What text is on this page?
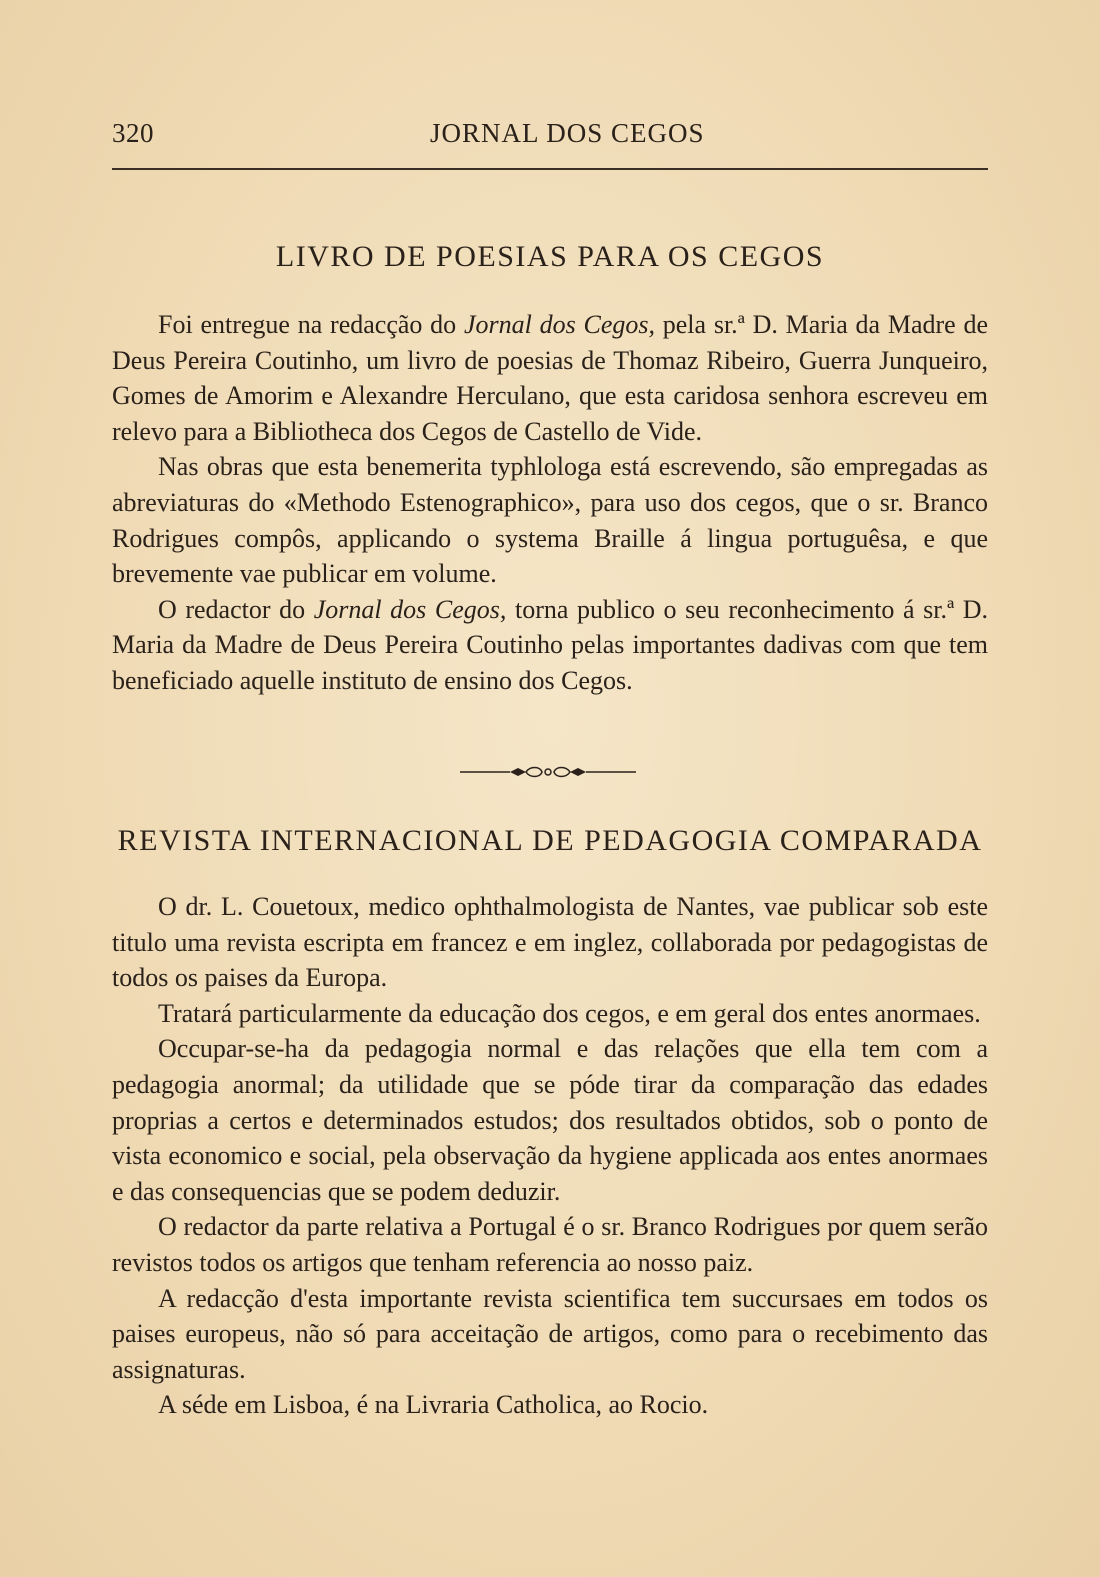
320	JORNAL DOS CEGOS
LIVRO DE POESIAS PARA OS CEGOS

Foi entregue na redacção do Jornal dos Cegos, pela sr.ª D. Maria da Madre de Deus Pereira Coutinho, um livro de poesias de Thomaz Ribeiro, Guerra Junqueiro, Gomes de Amorim e Alexandre Herculano, que esta caridosa senhora escreveu em relevo para a Bibliotheca dos Cegos de Castello de Vide.

Nas obras que esta benemerita typhlologa está escrevendo, são empregadas as abreviaturas do «Methodo Estenographico», para uso dos cegos, que o sr. Branco Rodrigues compôs, applicando o systema Braille á lingua portuguêsa, e que brevemente vae publicar em volume.

O redactor do Jornal dos Cegos, torna publico o seu reconhecimento á sr.ª D. Maria da Madre de Deus Pereira Coutinho pelas importantes dadivas com que tem beneficiado aquelle instituto de ensino dos Cegos.

REVISTA INTERNACIONAL DE PEDAGOGIA COMPARADA

O dr. L. Couetoux, medico ophthalmologista de Nantes, vae publicar sob este titulo uma revista escripta em francez e em inglez, collaborada por pedagogistas de todos os paises da Europa.

Tratará particularmente da educação dos cegos, e em geral dos entes anormaes.

Occupar-se-ha da pedagogia normal e das relações que ella tem com a pedagogia anormal; da utilidade que se póde tirar da comparação das edades proprias a certos e determinados estudos; dos resultados obtidos, sob o ponto de vista economico e social, pela observação da hygiene applicada aos entes anormaes e das consequencias que se podem deduzir.

O redactor da parte relativa a Portugal é o sr. Branco Rodrigues por quem serão revistos todos os artigos que tenham referencia ao nosso paiz.

A redacção d'esta importante revista scientifica tem succursaes em todos os paises europeus, não só para acceitação de artigos, como para o recebimento das assignaturas.

A séde em Lisboa, é na Livraria Catholica, ao Rocio.
